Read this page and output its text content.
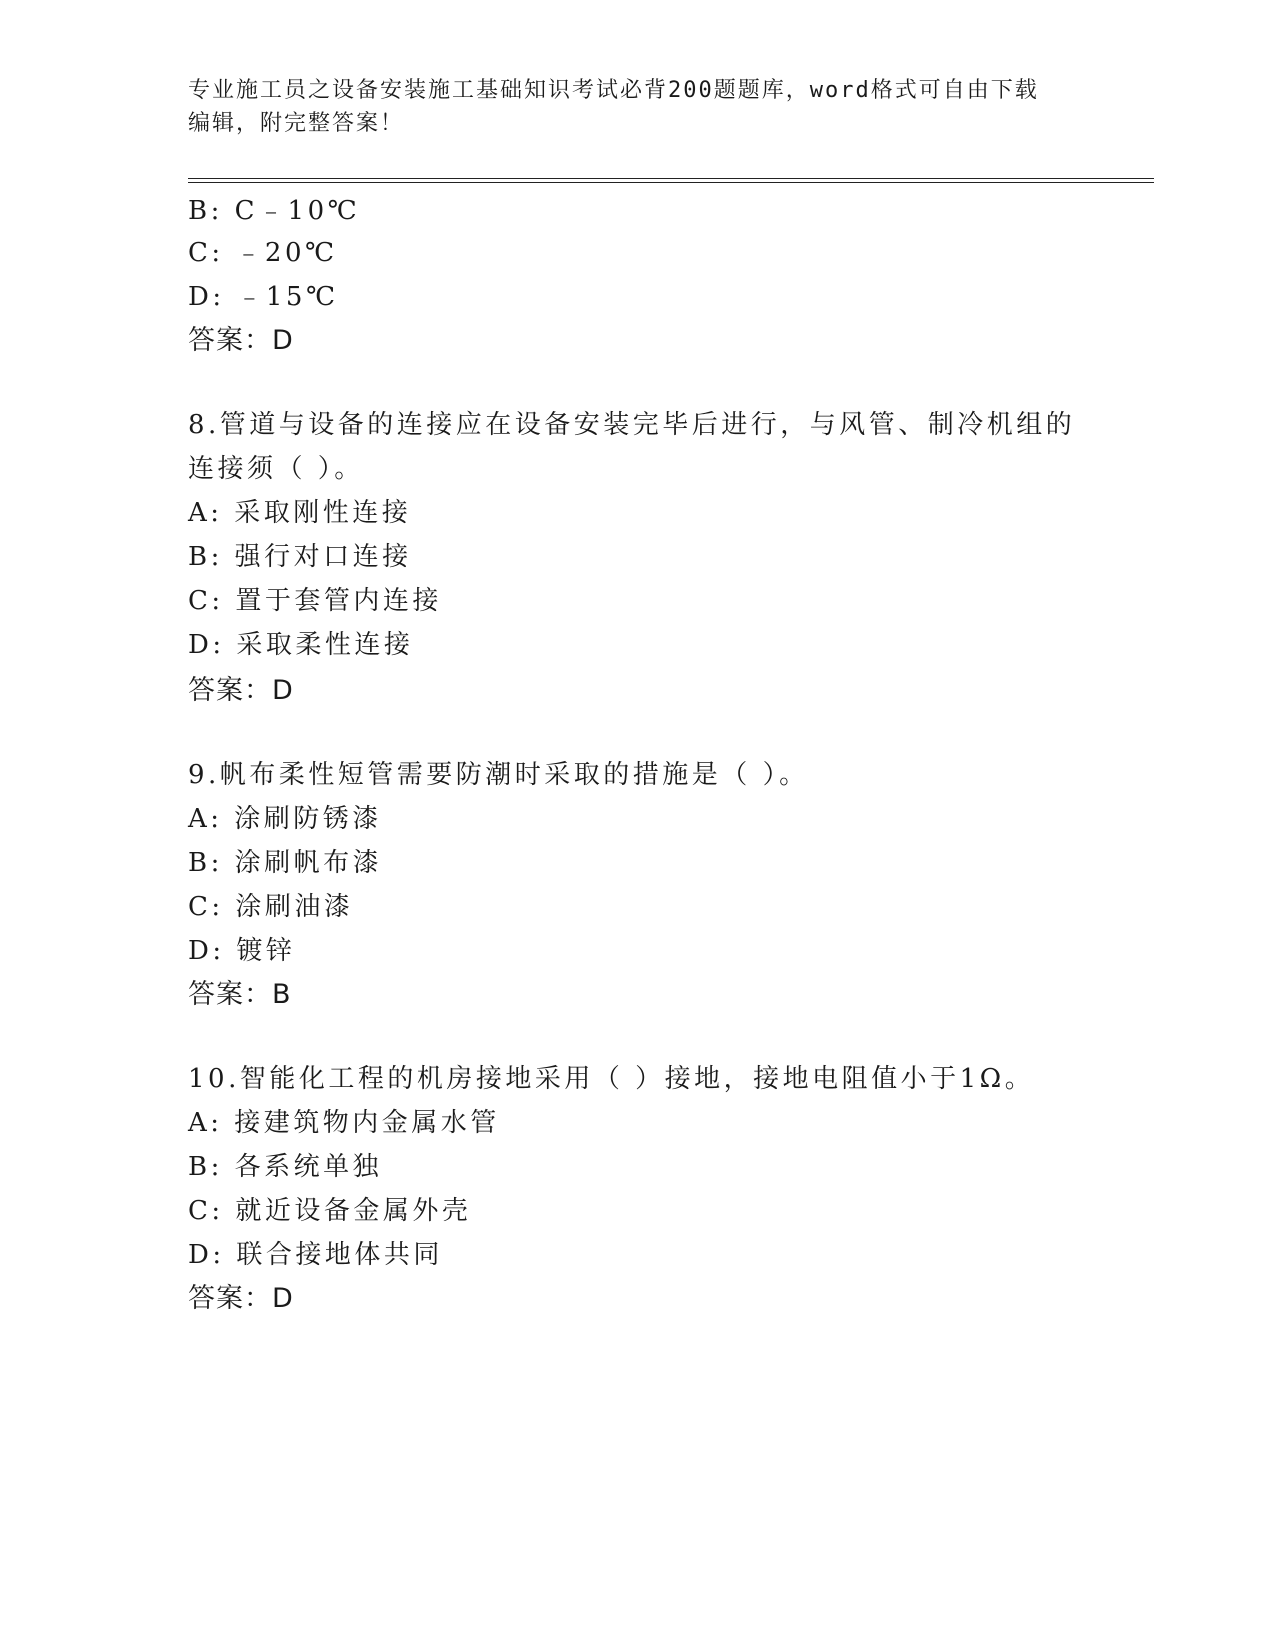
专业施工员之设备安装施工基础知识考试必背200题题库，word格式可自由下载
编辑，附完整答案！
B: C﹣10℃
C: ﹣20℃
D: ﹣15℃
答案：D
8.管道与设备的连接应在设备安装完毕后进行，与风管、制冷机组的
连接须（ ）。
A: 采取刚性连接
B: 强行对口连接
C: 置于套管内连接
D: 采取柔性连接
答案：D
9.帆布柔性短管需要防潮时采取的措施是（ ）。
A: 涂刷防锈漆
B: 涂刷帆布漆
C: 涂刷油漆
D: 镀锌
答案：B
10.智能化工程的机房接地采用（ ）接地，接地电阻值小于1Ω。
A: 接建筑物内金属水管
B: 各系统单独
C: 就近设备金属外壳
D: 联合接地体共同
答案：D
